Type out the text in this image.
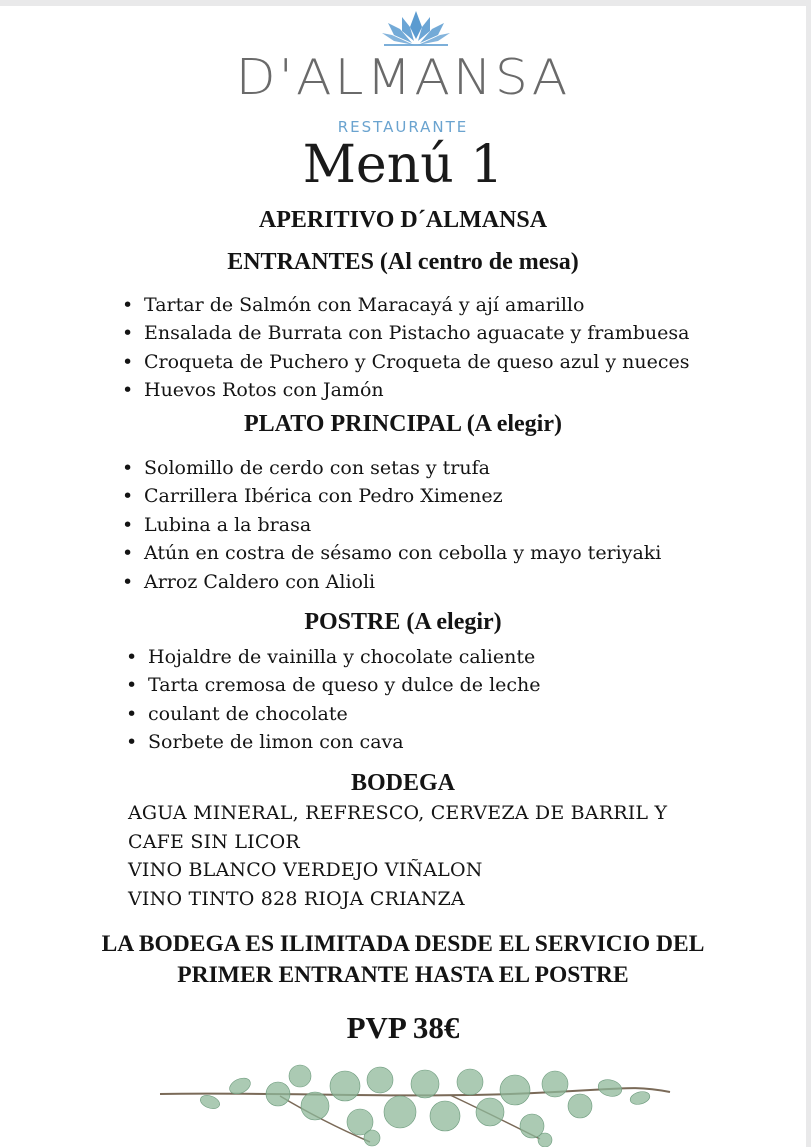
D'ALMANSA
RESTAURANTE
Menú 1
APERITIVO D´ALMANSA
ENTRANTES (Al centro de mesa)
• Tartar de Salmón con Maracayá y ají amarillo
• Ensalada de Burrata con Pistacho aguacate y frambuesa
• Croqueta de Puchero y Croqueta de queso azul y nueces
• Huevos Rotos con Jamón
PLATO PRINCIPAL (A elegir)
• Solomillo de cerdo con setas y trufa
• Carrillera Ibérica con Pedro Ximenez
• Lubina a la brasa
• Atún en costra de sésamo con cebolla y mayo teriyaki
• Arroz Caldero con Alioli
POSTRE (A elegir)
• Hojaldre de vainilla y chocolate caliente
• Tarta cremosa de queso y dulce de leche
• coulant de chocolate
• Sorbete de limon con cava
BODEGA
AGUA MINERAL, REFRESCO, CERVEZA DE BARRIL Y
CAFE SIN LICOR
VINO BLANCO VERDEJO VIÑALON
VINO TINTO 828 RIOJA CRIANZA
LA BODEGA ES ILIMITADA DESDE EL SERVICIO DEL
PRIMER ENTRANTE HASTA EL POSTRE
PVP 38€
